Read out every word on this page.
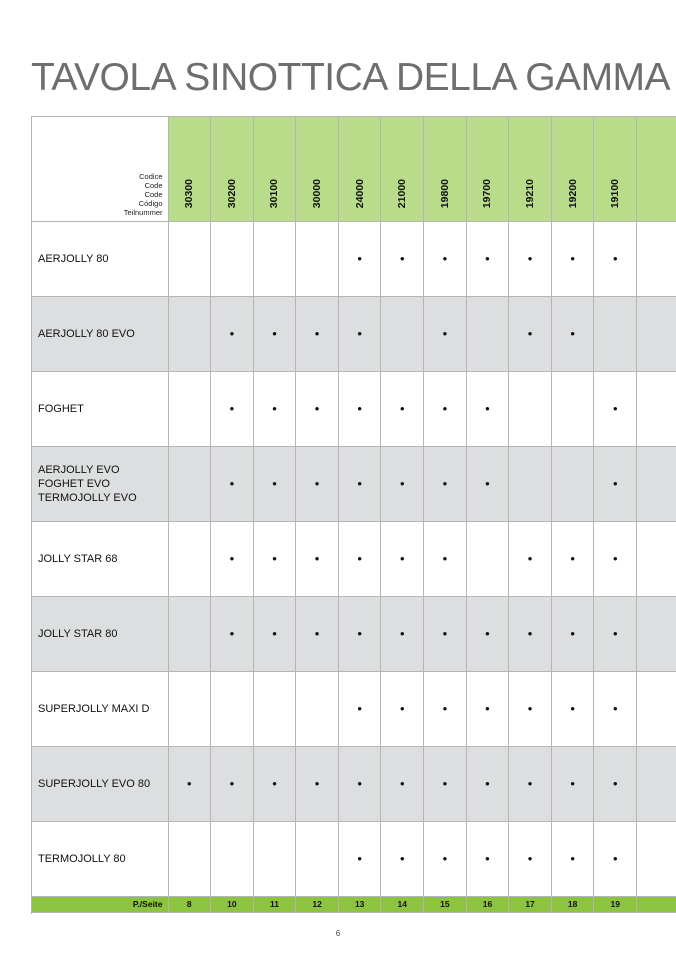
TAVOLA SINOTTICA DELLA GAMMA
Codice
Code
Code
Código
Teilnummer	30300	30200	30100	30000	24000	21000	19800	19700	19210	19200	19100	

AERJOLLY 80					•	•	•	•	•	•	•	

AERJOLLY 80 EVO		•	•	•	•		•		•	•		

FOGHET		•	•	•	•	•	•	•			•	

AERJOLLY EVO
FOGHET EVO
TERMOJOLLY EVO		•	•	•	•	•	•	•			•	

JOLLY STAR 68		•	•	•	•	•	•		•	•	•	

JOLLY STAR 80		•	•	•	•	•	•	•	•	•	•	

SUPERJOLLY MAXI D					•	•	•	•	•	•	•	

SUPERJOLLY EVO 80	•	•	•	•	•	•	•	•	•	•	•	

TERMOJOLLY 80					•	•	•	•	•	•	•	
P./Seite	8	10	11	12	13	14	15	16	17	18	19	
6
